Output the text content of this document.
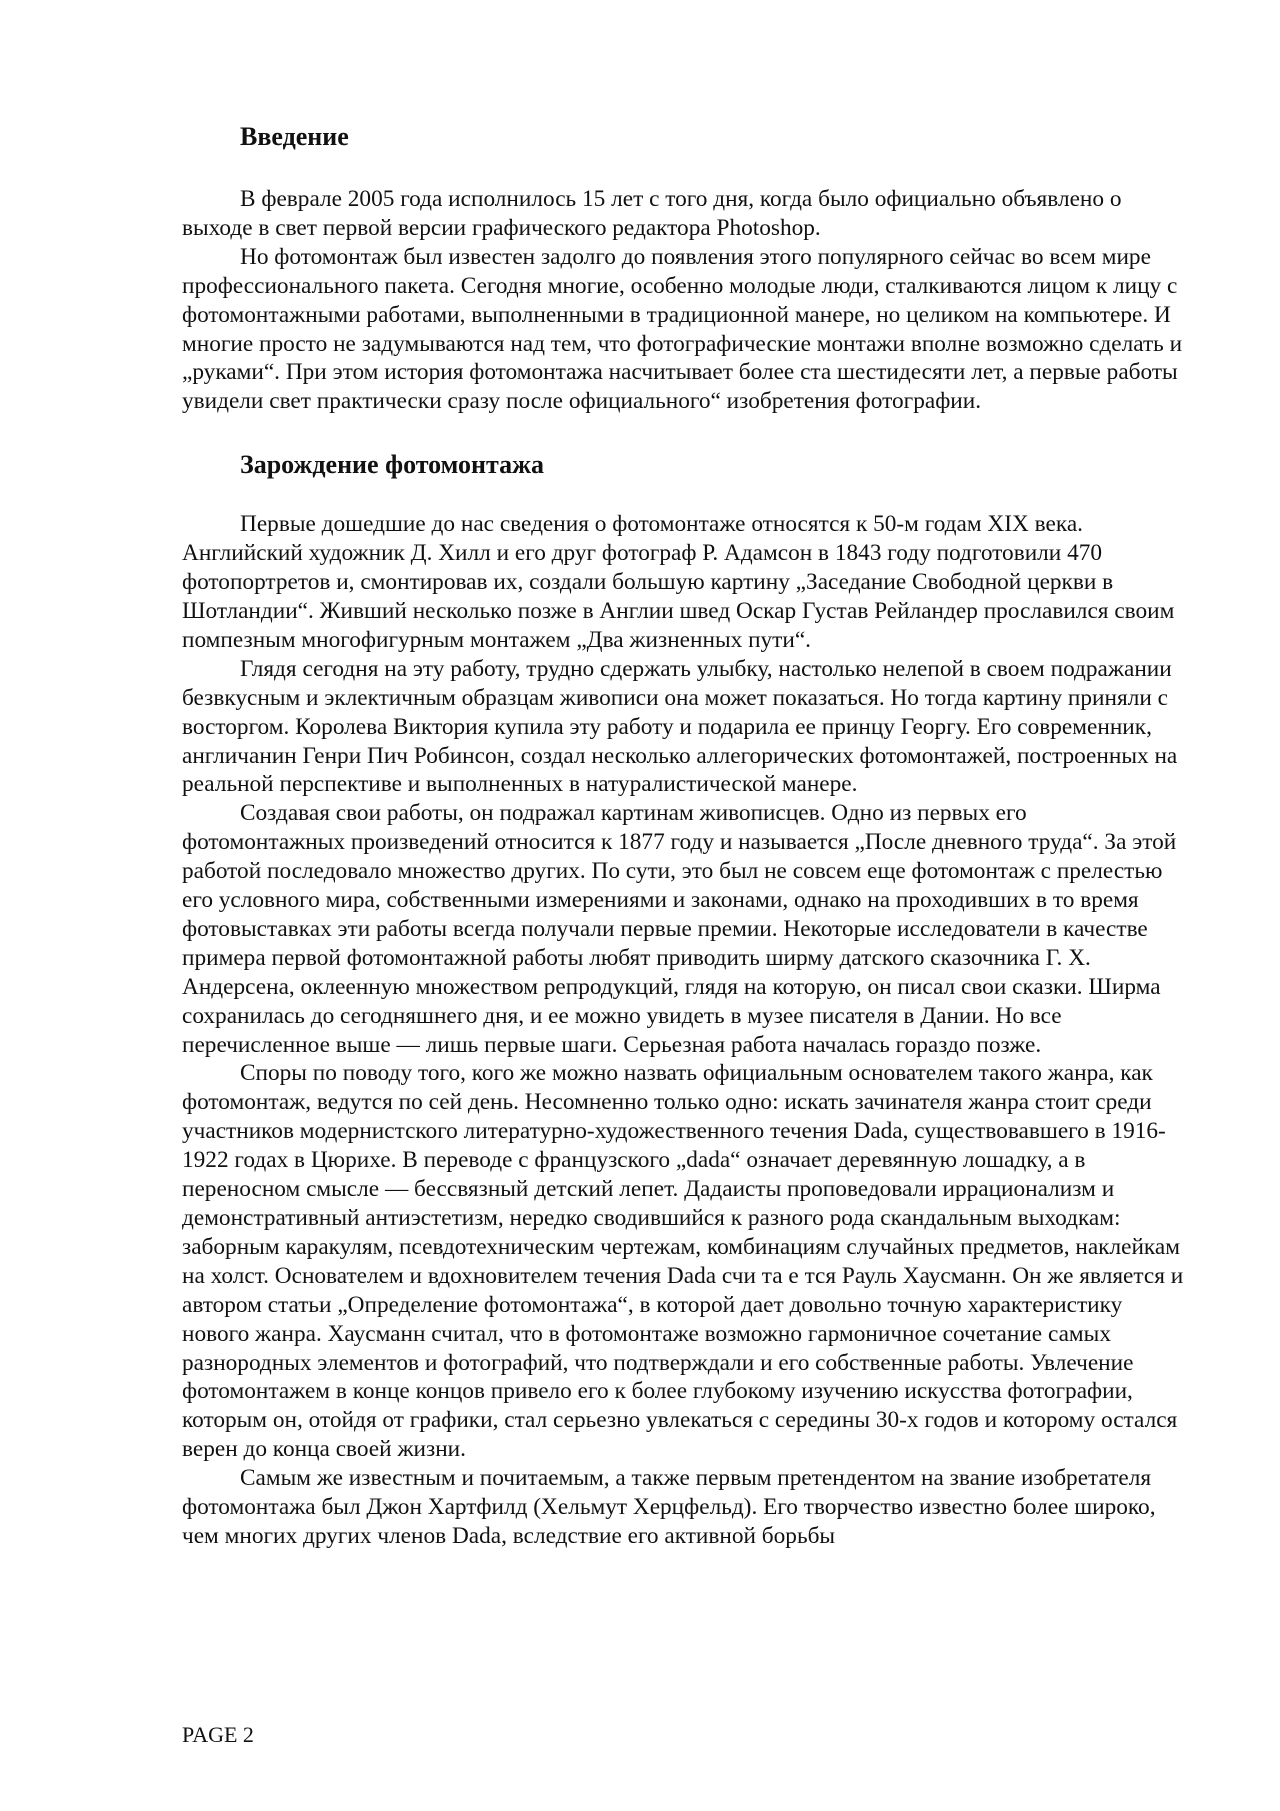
Введение

В феврале 2005 года исполнилось 15 лет с того дня, когда было официально объявлено о выходе в свет первой версии графического редактора Photoshop.

Но фотомонтаж был известен задолго до появления этого популярного сейчас во всем мире профессионального пакета. Сегодня многие, особенно молодые люди, сталкиваются лицом к лицу с фотомонтажными работами, выполненными в традиционной манере, но целиком на компьютере. И многие просто не задумываются над тем, что фотографические монтажи вполне возможно сделать и „руками“. При этом история фотомонтажа насчитывает более ста шестидесяти лет, а первые работы увидели свет практически сразу после официального“ изобретения фотографии.

Зарождение фотомонтажа

Первые дошедшие до нас сведения о фотомонтаже относятся к 50-м годам XIX века. Английский художник Д. Хилл и его друг фотограф Р. Адамсон в 1843 году подготовили 470 фотопортретов и, смонтировав их, создали большую картину „Заседание Свободной церкви в Шотландии“. Живший несколько позже в Англии швед Оскар Густав Рейландер прославился своим помпезным многофигурным монтажем „Два жизненных пути“.

Глядя сегодня на эту работу, трудно сдержать улыбку, настолько нелепой в своем подражании безвкусным и эклектичным образцам живописи она может показаться. Но тогда картину приняли с восторгом. Королева Виктория купила эту работу и подарила ее принцу Георгу. Его современник, англичанин Генри Пич Робинсон, создал несколько аллегорических фотомонтажей, построенных на реальной перспективе и выполненных в натуралистической манере.

Создавая свои работы, он подражал картинам живописцев. Одно из первых его фотомонтажных произведений относится к 1877 году и называется „После дневного труда“. За этой работой последовало множество других. По сути, это был не совсем еще фотомонтаж с прелестью его условного мира, собственными измерениями и законами, однако на проходивших в то время фотовыставках эти работы всегда получали первые премии. Некоторые исследователи в качестве примера первой фотомонтажной работы любят приводить ширму датского сказочника Г. Х. Андерсена, оклеенную множеством репродукций, глядя на которую, он писал свои сказки. Ширма сохранилась до сегодняшнего дня, и ее можно увидеть в музее писателя в Дании. Но все перечисленное выше — лишь первые шаги. Серьезная работа началась гораздо позже.

Споры по поводу того, кого же можно назвать официальным основателем такого жанра, как фотомонтаж, ведутся по сей день. Несомненно только одно: искать зачинателя жанра стоит среди участников модернистского литературно-художественного течения Dada, существовавшего в 1916-1922 годах в Цюрихе. В переводе с французского „dada“ означает деревянную лошадку, а в переносном смысле — бессвязный детский лепет. Дадаисты проповедовали иррационализм и демонстративный антиэстетизм, нередко сводившийся к разного рода скандальным выходкам: заборным каракулям, псевдотехническим чертежам, комбинациям случайных предметов, наклейкам на холст. Основателем и вдохновителем течения Dada счи та е тся Рауль Хаусманн. Он же является и автором статьи „Определение фотомонтажа“, в которой дает довольно точную характеристику нового жанра. Хаусманн считал, что в фотомонтаже возможно гармоничное сочетание самых разнородных элементов и фотографий, что подтверждали и его собственные работы. Увлечение фотомонтажем в конце концов привело его к более глубокому изучению искусства фотографии, которым он, отойдя от графики, стал серьезно увлекаться с середины 30-х годов и которому остался верен до конца своей жизни.

Самым же известным и почитаемым, а также первым претендентом на звание изобретателя фотомонтажа был Джон Хартфилд (Хельмут Херцфельд). Его творчество известно более широко, чем многих других членов Dada, вследствие его активной борьбы

PAGE 2
